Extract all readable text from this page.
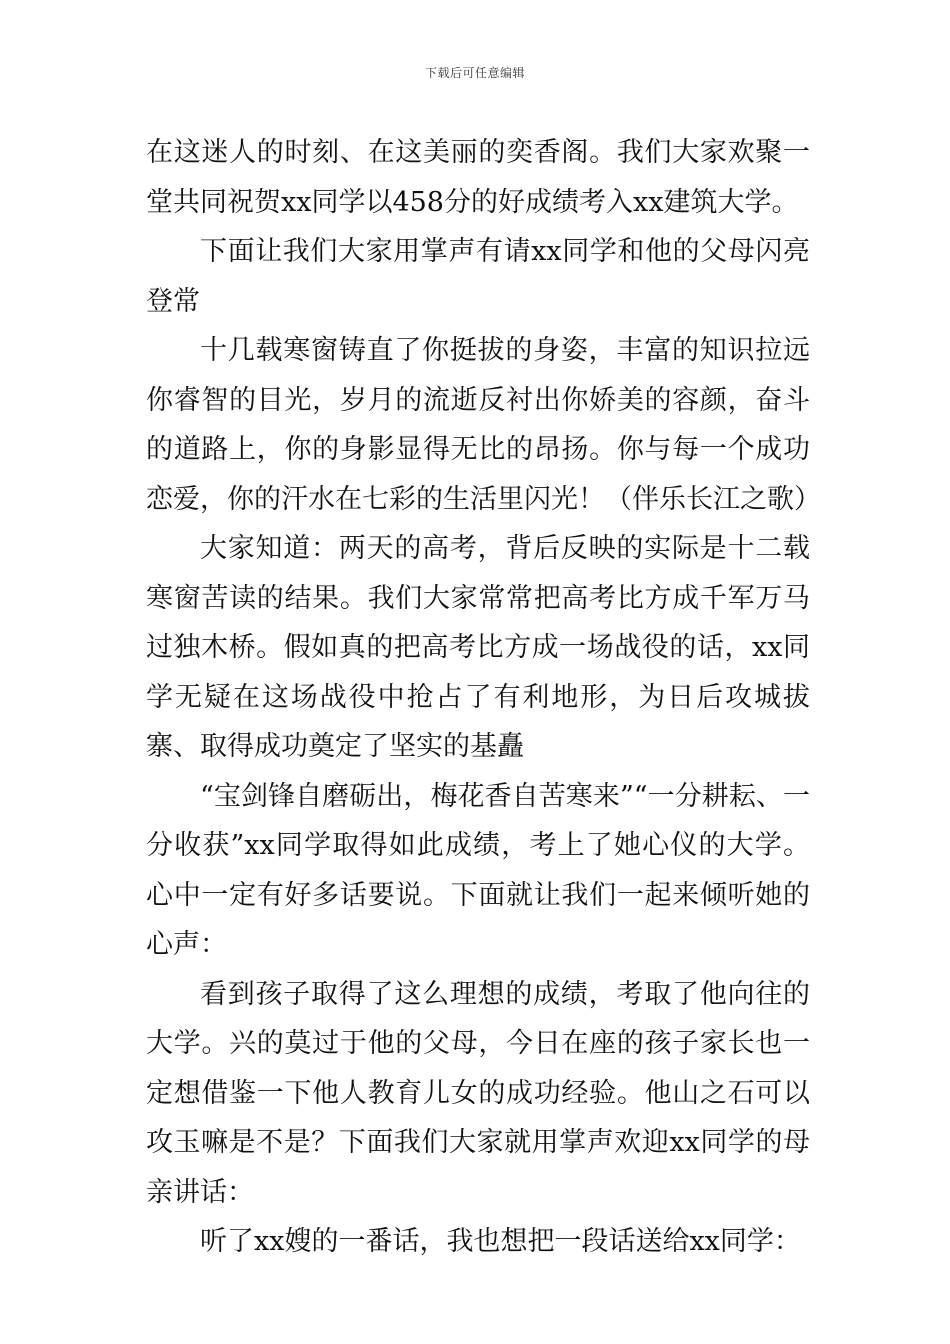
下载后可任意编辑

在这迷人的时刻、在这美丽的奕香阁。我们大家欢聚一堂共同祝贺xx同学以458分的好成绩考入xx建筑大学。

下面让我们大家用掌声有请xx同学和他的父母闪亮登常

十几载寒窗铸直了你挺拔的身姿，丰富的知识拉远你睿智的目光，岁月的流逝反衬出你娇美的容颜，奋斗的道路上，你的身影显得无比的昂扬。你与每一个成功恋爱，你的汗水在七彩的生活里闪光！（伴乐长江之歌）

大家知道：两天的高考，背后反映的实际是十二载寒窗苦读的结果。我们大家常常把高考比方成千军万马过独木桥。假如真的把高考比方成一场战役的话，xx同学无疑在这场战役中抢占了有利地形，为日后攻城拔寨、取得成功奠定了坚实的基矗

“宝剑锋自磨砺出，梅花香自苦寒来”“一分耕耘、一分收获”xx同学取得如此成绩，考上了她心仪的大学。心中一定有好多话要说。下面就让我们一起来倾听她的心声：

看到孩子取得了这么理想的成绩，考取了他向往的大学。兴的莫过于他的父母，今日在座的孩子家长也一定想借鉴一下他人教育儿女的成功经验。他山之石可以攻玉嘛是不是？下面我们大家就用掌声欢迎xx同学的母亲讲话：

听了xx嫂的一番话，我也想把一段话送给xx同学：
